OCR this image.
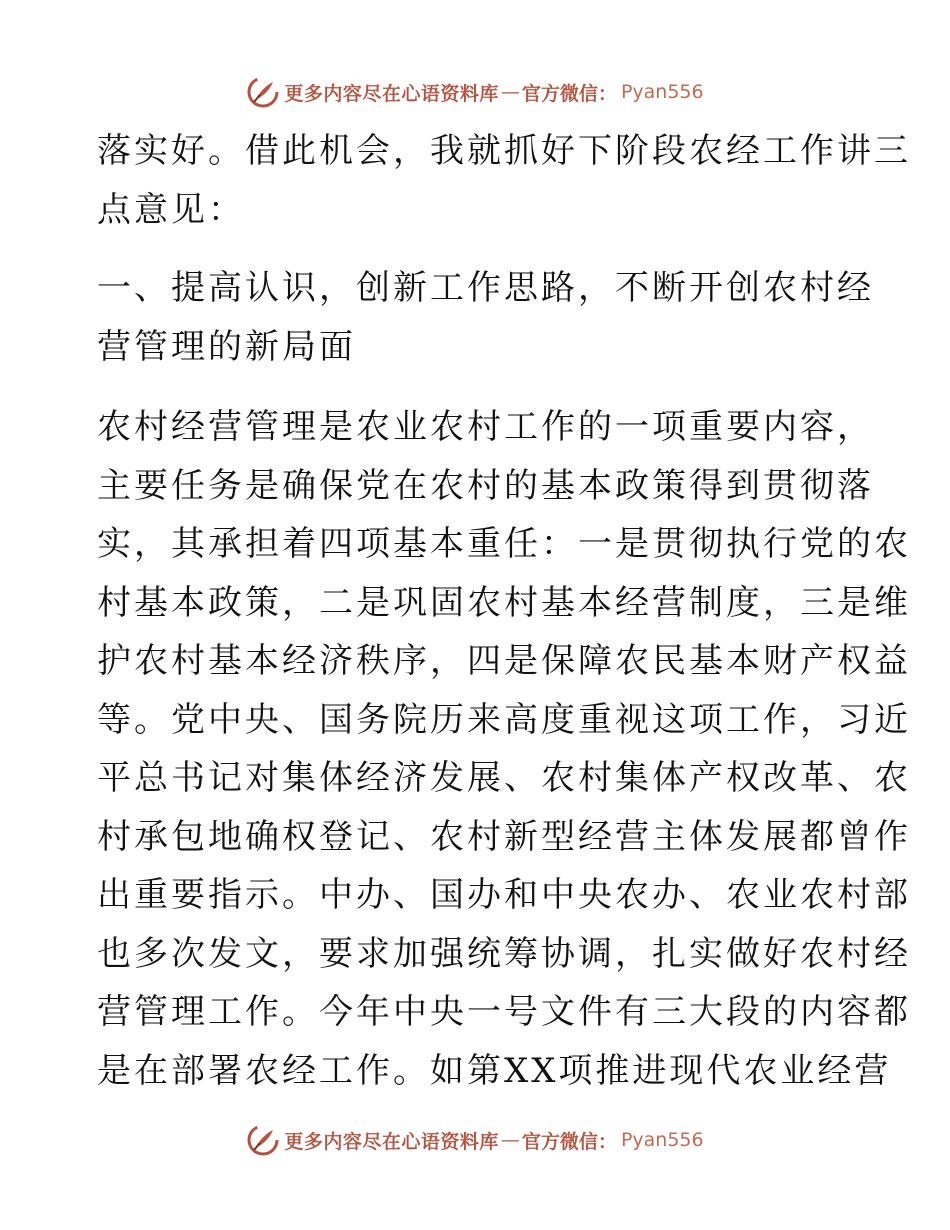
更多内容尽在心语资料库 — 官方微信： Pyan556

落实好。借此机会，我就抓好下阶段农经工作讲三
点意见：

一、提高认识，创新工作思路，不断开创农村经
营管理的新局面

农村经营管理是农业农村工作的一项重要内容，
主要任务是确保党在农村的基本政策得到贯彻落
实，其承担着四项基本重任：一是贯彻执行党的农
村基本政策，二是巩固农村基本经营制度，三是维
护农村基本经济秩序，四是保障农民基本财产权益
等。党中央、国务院历来高度重视这项工作，习近
平总书记对集体经济发展、农村集体产权改革、农
村承包地确权登记、农村新型经营主体发展都曾作
出重要指示。中办、国办和中央农办、农业农村部
也多次发文，要求加强统筹协调，扎实做好农村经
营管理工作。今年中央一号文件有三大段的内容都
是在部署农经工作。如第XX项推进现代农业经营

更多内容尽在心语资料库 — 官方微信： Pyan556
